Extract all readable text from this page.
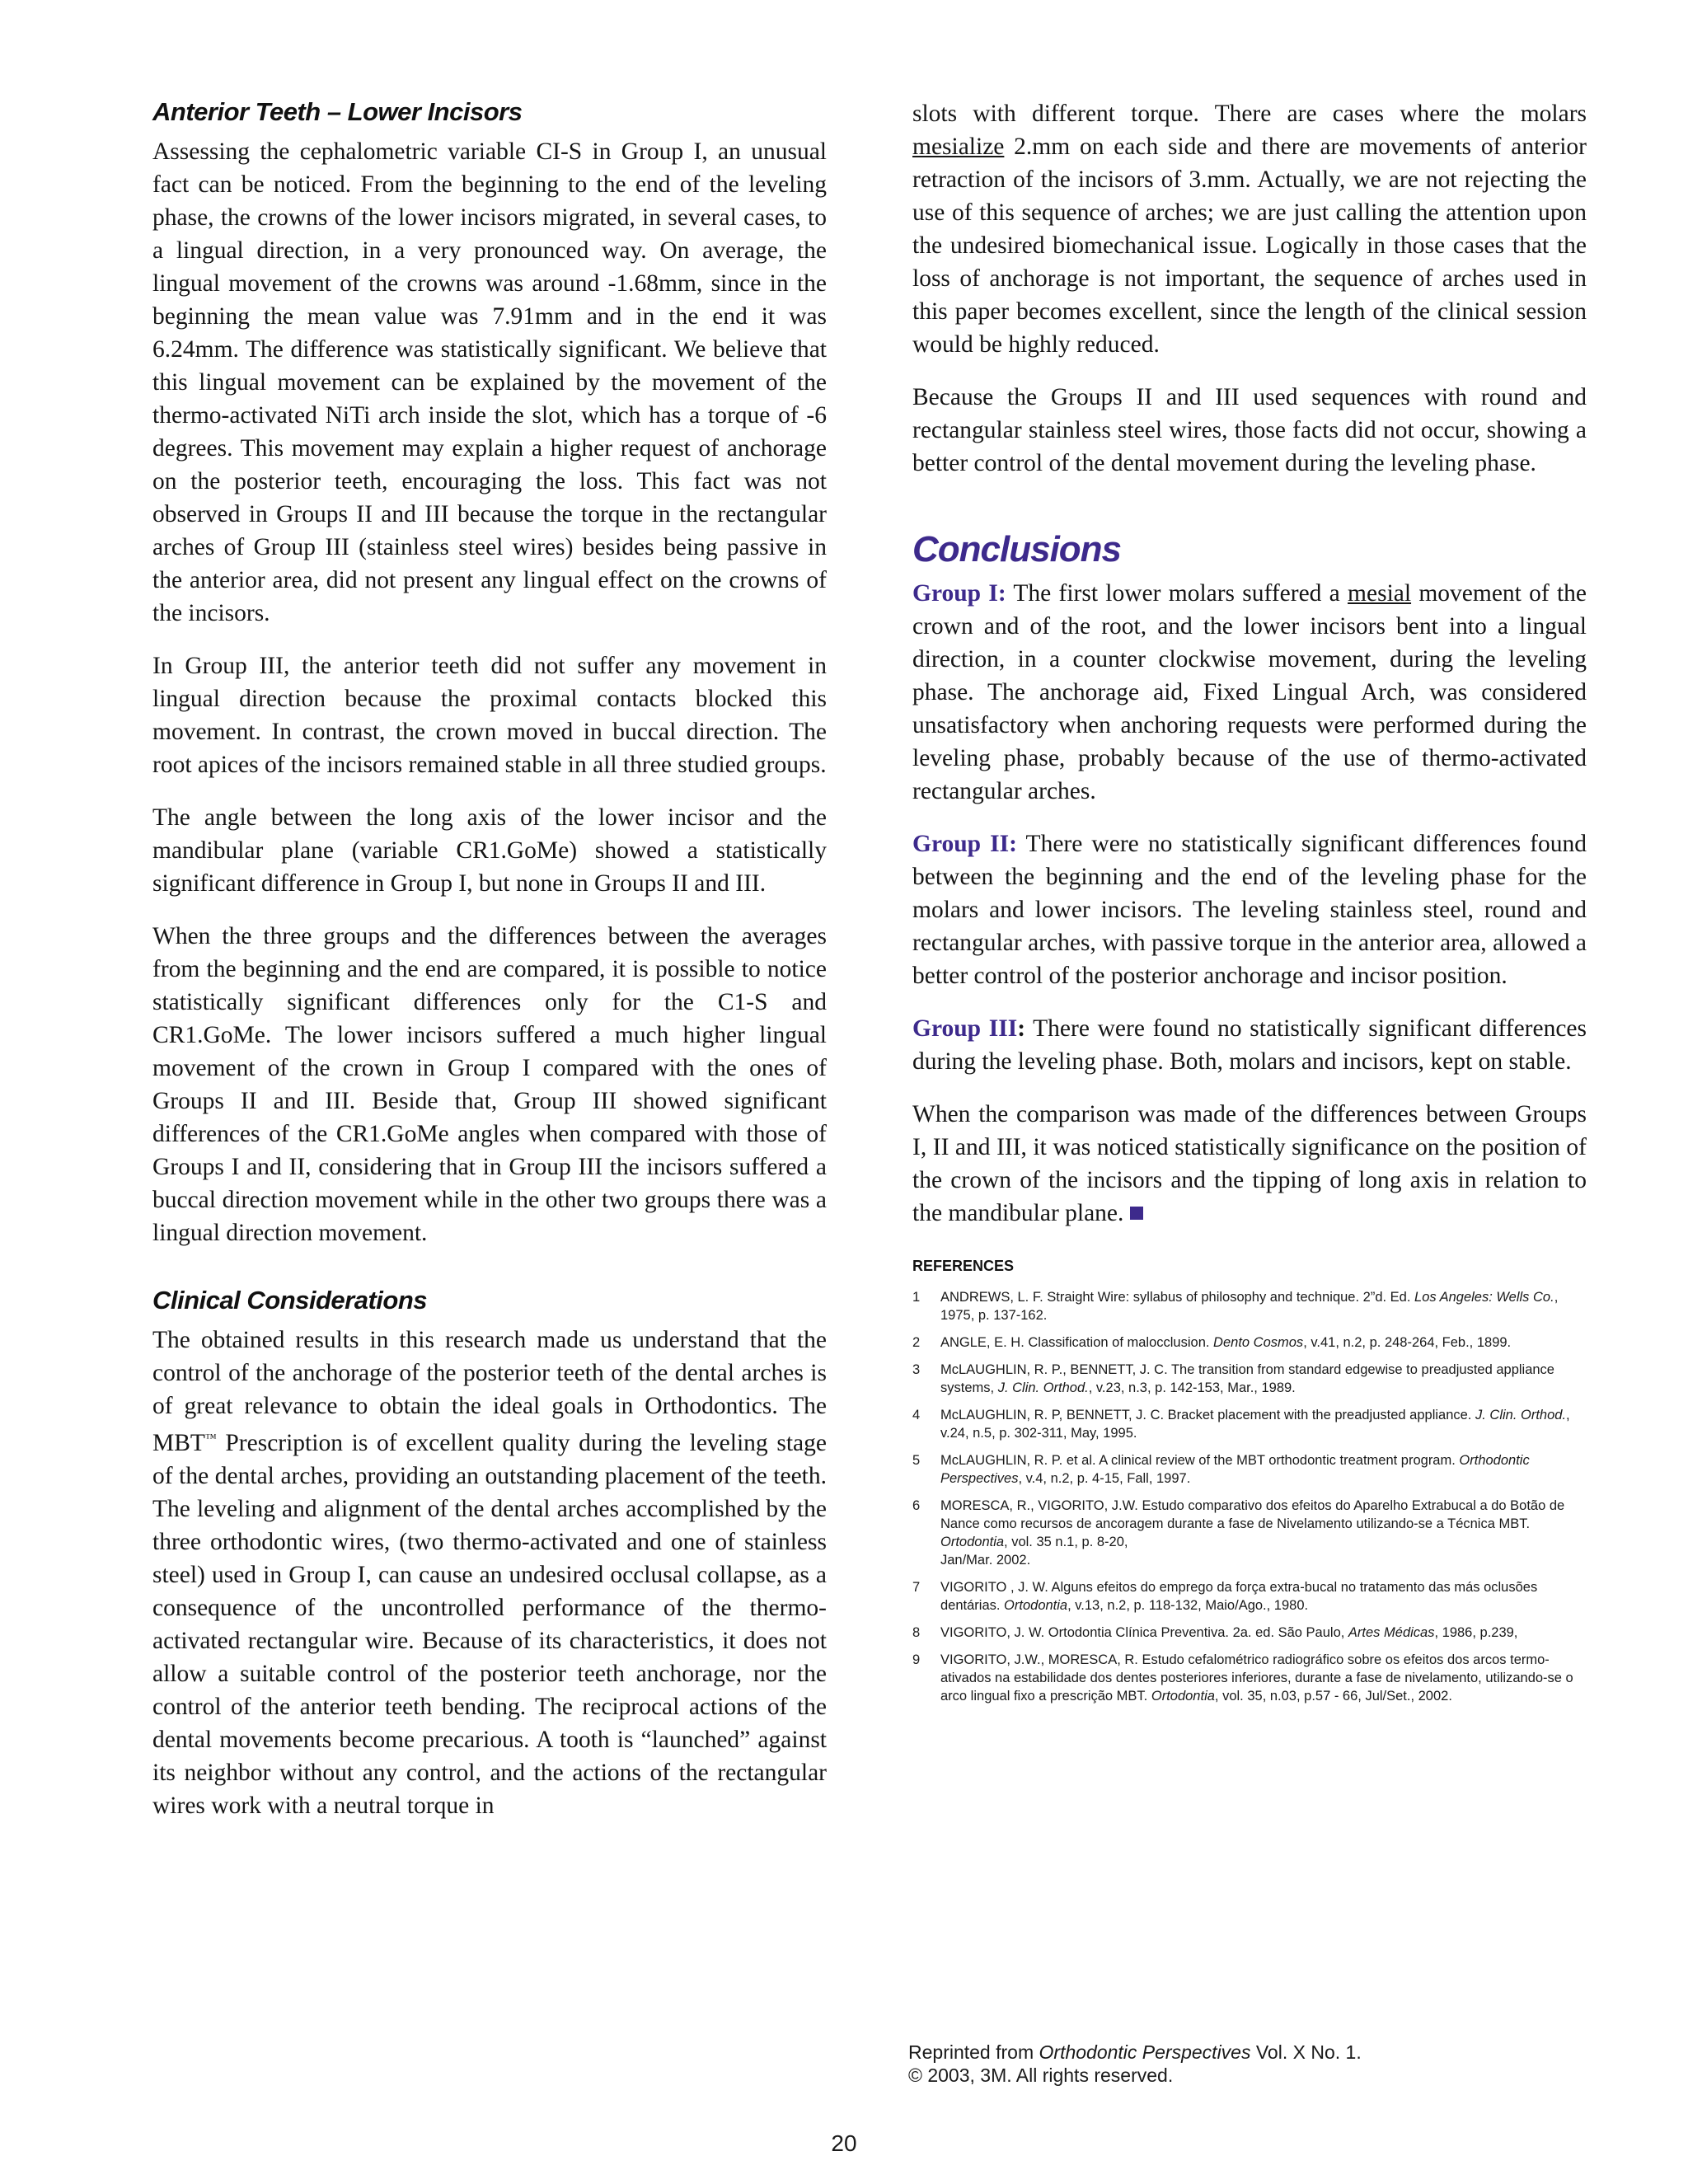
Anterior Teeth – Lower Incisors

Assessing the cephalometric variable CI-S in Group I, an unusual fact can be noticed. From the beginning to the end of the leveling phase, the crowns of the lower incisors migrated, in several cases, to a lingual direction, in a very pronounced way. On average, the lingual movement of the crowns was around -1.68mm, since in the beginning the mean value was 7.91mm and in the end it was 6.24mm. The difference was statistically significant. We believe that this lingual movement can be explained by the movement of the thermo-activated NiTi arch inside the slot, which has a torque of -6 degrees. This movement may explain a higher request of anchorage on the posterior teeth, encouraging the loss. This fact was not observed in Groups II and III because the torque in the rectangular arches of Group III (stainless steel wires) besides being passive in the anterior area, did not present any lingual effect on the crowns of the incisors.

In Group III, the anterior teeth did not suffer any movement in lingual direction because the proximal contacts blocked this movement. In contrast, the crown moved in buccal direction. The root apices of the incisors remained stable in all three studied groups.

The angle between the long axis of the lower incisor and the mandibular plane (variable CR1.GoMe) showed a statistically significant difference in Group I, but none in Groups II and III.

When the three groups and the differences between the averages from the beginning and the end are compared, it is possible to notice statistically significant differences only for the C1-S and CR1.GoMe. The lower incisors suffered a much higher lingual movement of the crown in Group I compared with the ones of Groups II and III. Beside that, Group III showed significant differences of the CR1.GoMe angles when compared with those of Groups I and II, considering that in Group III the incisors suffered a buccal direction movement while in the other two groups there was a lingual direction movement.

Clinical Considerations

The obtained results in this research made us understand that the control of the anchorage of the posterior teeth of the dental arches is of great relevance to obtain the ideal goals in Orthodontics. The MBT™ Prescription is of excellent quality during the leveling stage of the dental arches, providing an outstanding placement of the teeth. The leveling and alignment of the dental arches accomplished by the three orthodontic wires, (two thermo-activated and one of stainless steel) used in Group I, can cause an undesired occlusal collapse, as a consequence of the uncontrolled performance of the thermo-activated rectangular wire. Because of its characteristics, it does not allow a suitable control of the posterior teeth anchorage, nor the control of the anterior teeth bending. The reciprocal actions of the dental movements become precarious. A tooth is “launched” against its neighbor without any control, and the actions of the rectangular wires work with a neutral torque in

slots with different torque. There are cases where the molars mesialize 2.mm on each side and there are movements of anterior retraction of the incisors of 3.mm. Actually, we are not rejecting the use of this sequence of arches; we are just calling the attention upon the undesired biomechanical issue. Logically in those cases that the loss of anchorage is not important, the sequence of arches used in this paper becomes excellent, since the length of the clinical session would be highly reduced.

Because the Groups II and III used sequences with round and rectangular stainless steel wires, those facts did not occur, showing a better control of the dental movement during the leveling phase.

Conclusions

Group I: The first lower molars suffered a mesial movement of the crown and of the root, and the lower incisors bent into a lingual direction, in a counter clockwise movement, during the leveling phase. The anchorage aid, Fixed Lingual Arch, was considered unsatisfactory when anchoring requests were performed during the leveling phase, probably because of the use of thermo-activated rectangular arches.

Group II: There were no statistically significant differences found between the beginning and the end of the leveling phase for the molars and lower incisors. The leveling stainless steel, round and rectangular arches, with passive torque in the anterior area, allowed a better control of the posterior anchorage and incisor position.

Group III: There were found no statistically significant differences during the leveling phase. Both, molars and incisors, kept on stable.

When the comparison was made of the differences between Groups I, II and III, it was noticed statistically significance on the position of the crown of the incisors and the tipping of long axis in relation to the mandibular plane.

REFERENCES
1	ANDREWS, L. F. Straight Wire: syllabus of philosophy and technique. 2”d. Ed. Los Angeles: Wells Co., 1975, p. 137-162.
2	ANGLE, E. H. Classification of malocclusion. Dento Cosmos, v.41, n.2, p. 248-264, Feb., 1899.
3	McLAUGHLIN, R. P., BENNETT, J. C. The transition from standard edgewise to preadjusted appliance systems, J. Clin. Orthod., v.23, n.3, p. 142-153, Mar., 1989.
4	McLAUGHLIN, R. P, BENNETT, J. C. Bracket placement with the preadjusted appliance. J. Clin. Orthod., v.24, n.5, p. 302-311, May, 1995.
5	McLAUGHLIN, R. P. et al. A clinical review of the MBT orthodontic treatment program. Orthodontic Perspectives, v.4, n.2, p. 4-15, Fall, 1997.
6	MORESCA, R., VIGORITO, J.W. Estudo comparativo dos efeitos do Aparelho Extrabucal a do Botão de Nance como recursos de ancoragem durante a fase de Nivelamento utilizando-se a Técnica MBT. Ortodontia, vol. 35 n.1, p. 8-20,
Jan/Mar. 2002.
7	VIGORITO , J. W. Alguns efeitos do emprego da força extra-bucal no tratamento das más oclusões dentárias. Ortodontia, v.13, n.2, p. 118-132, Maio/Ago., 1980.
8	VIGORITO, J. W. Ortodontia Clínica Preventiva. 2a. ed. São Paulo, Artes Médicas, 1986, p.239,
9	VIGORITO, J.W., MORESCA, R. Estudo cefalométrico radiográfico sobre os efeitos dos arcos termo-ativados na estabilidade dos dentes posteriores inferiores, durante a fase de nivelamento, utilizando-se o arco lingual fixo a prescrição MBT. Ortodontia, vol. 35, n.03, p.57 - 66, Jul/Set., 2002.
Reprinted from Orthodontic Perspectives Vol. X No. 1.
© 2003, 3M. All rights reserved.
20
